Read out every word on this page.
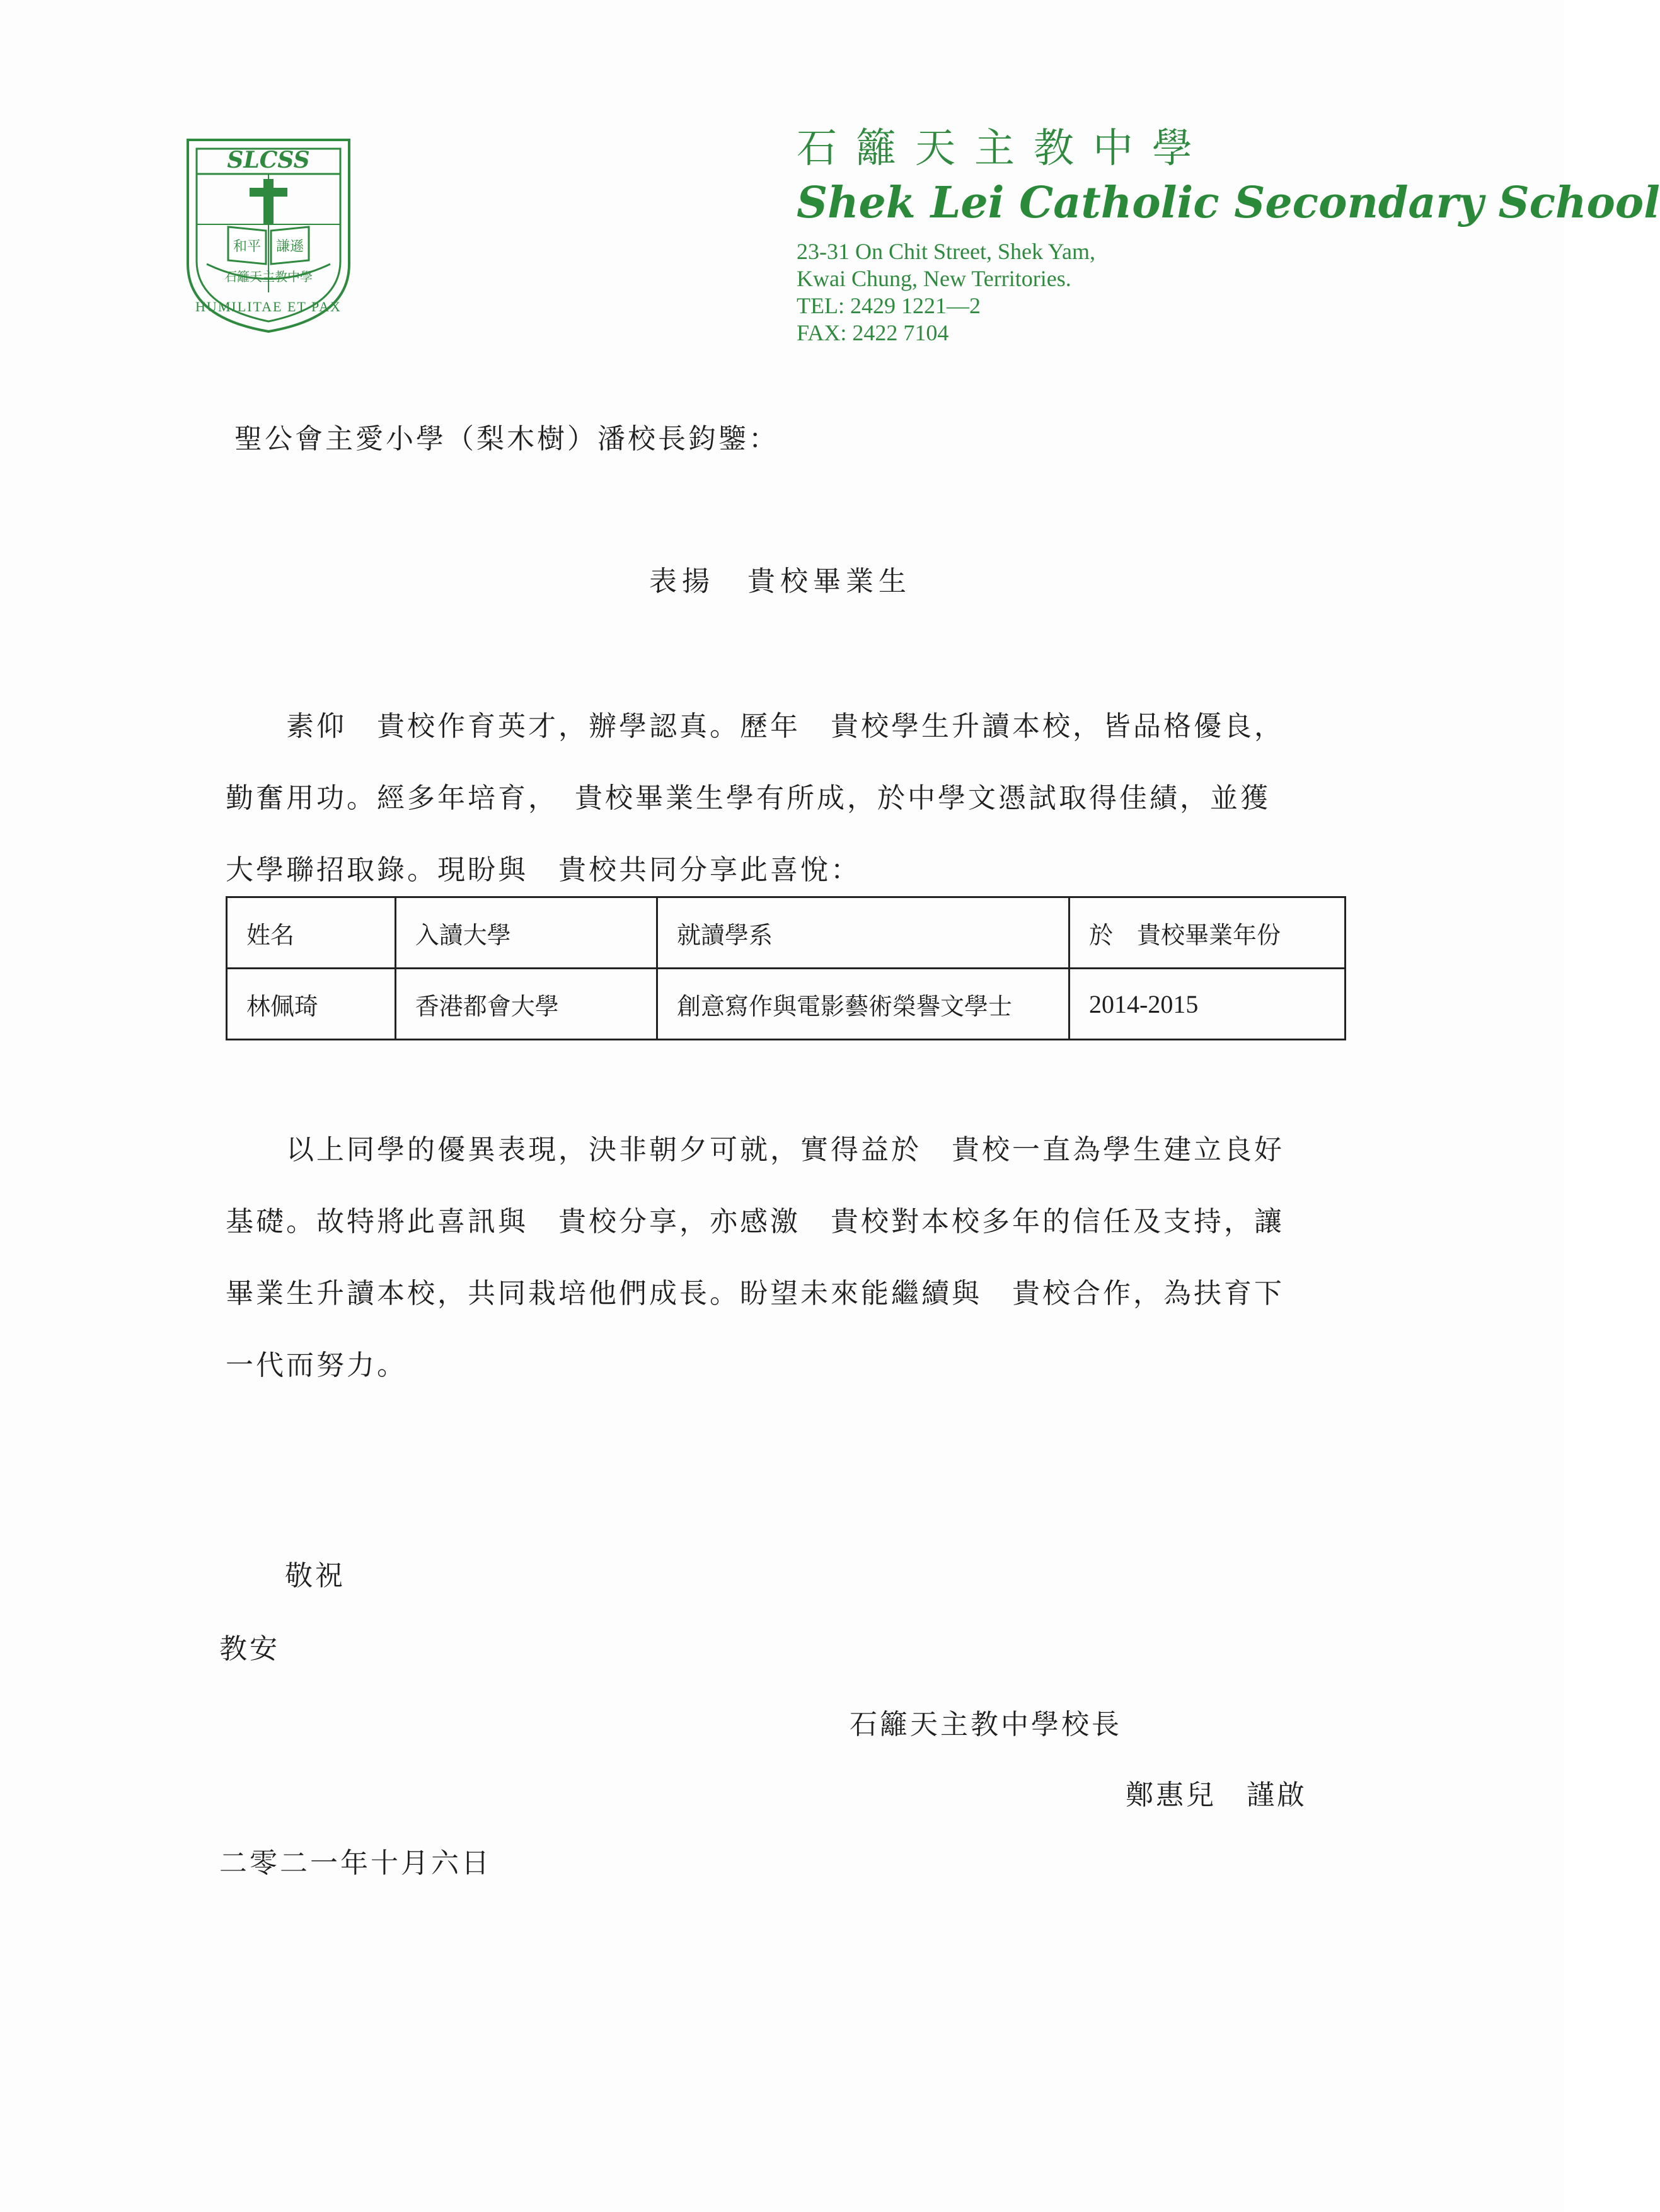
SLCSS
和平 謙遜
石籬天主教中學
HUMILITAE ET PAX
石籬天主教中學
Shek Lei Catholic Secondary School
23-31 On Chit Street, Shek Yam,
Kwai Chung, New Territories.
TEL: 2429 1221—2
FAX: 2422 7104
聖公會主愛小學（梨木樹）潘校長鈞鑒：
表揚　貴校畢業生
　　素仰　貴校作育英才，辦學認真。歷年　貴校學生升讀本校，皆品格優良，
勤奮用功。經多年培育，　貴校畢業生學有所成，於中學文憑試取得佳績，並獲
大學聯招取錄。現盼與　貴校共同分享此喜悅：
姓名	入讀大學	就讀學系	於　貴校畢業年份
林佩琦	香港都會大學	創意寫作與電影藝術榮譽文學士	2014-2015
　　以上同學的優異表現，決非朝夕可就，實得益於　貴校一直為學生建立良好
基礎。故特將此喜訊與　貴校分享，亦感激　貴校對本校多年的信任及支持，讓
畢業生升讀本校，共同栽培他們成長。盼望未來能繼續與　貴校合作，為扶育下
一代而努力。
敬祝
教安
石籬天主教中學校長
鄭惠兒　謹啟
二零二一年十月六日
